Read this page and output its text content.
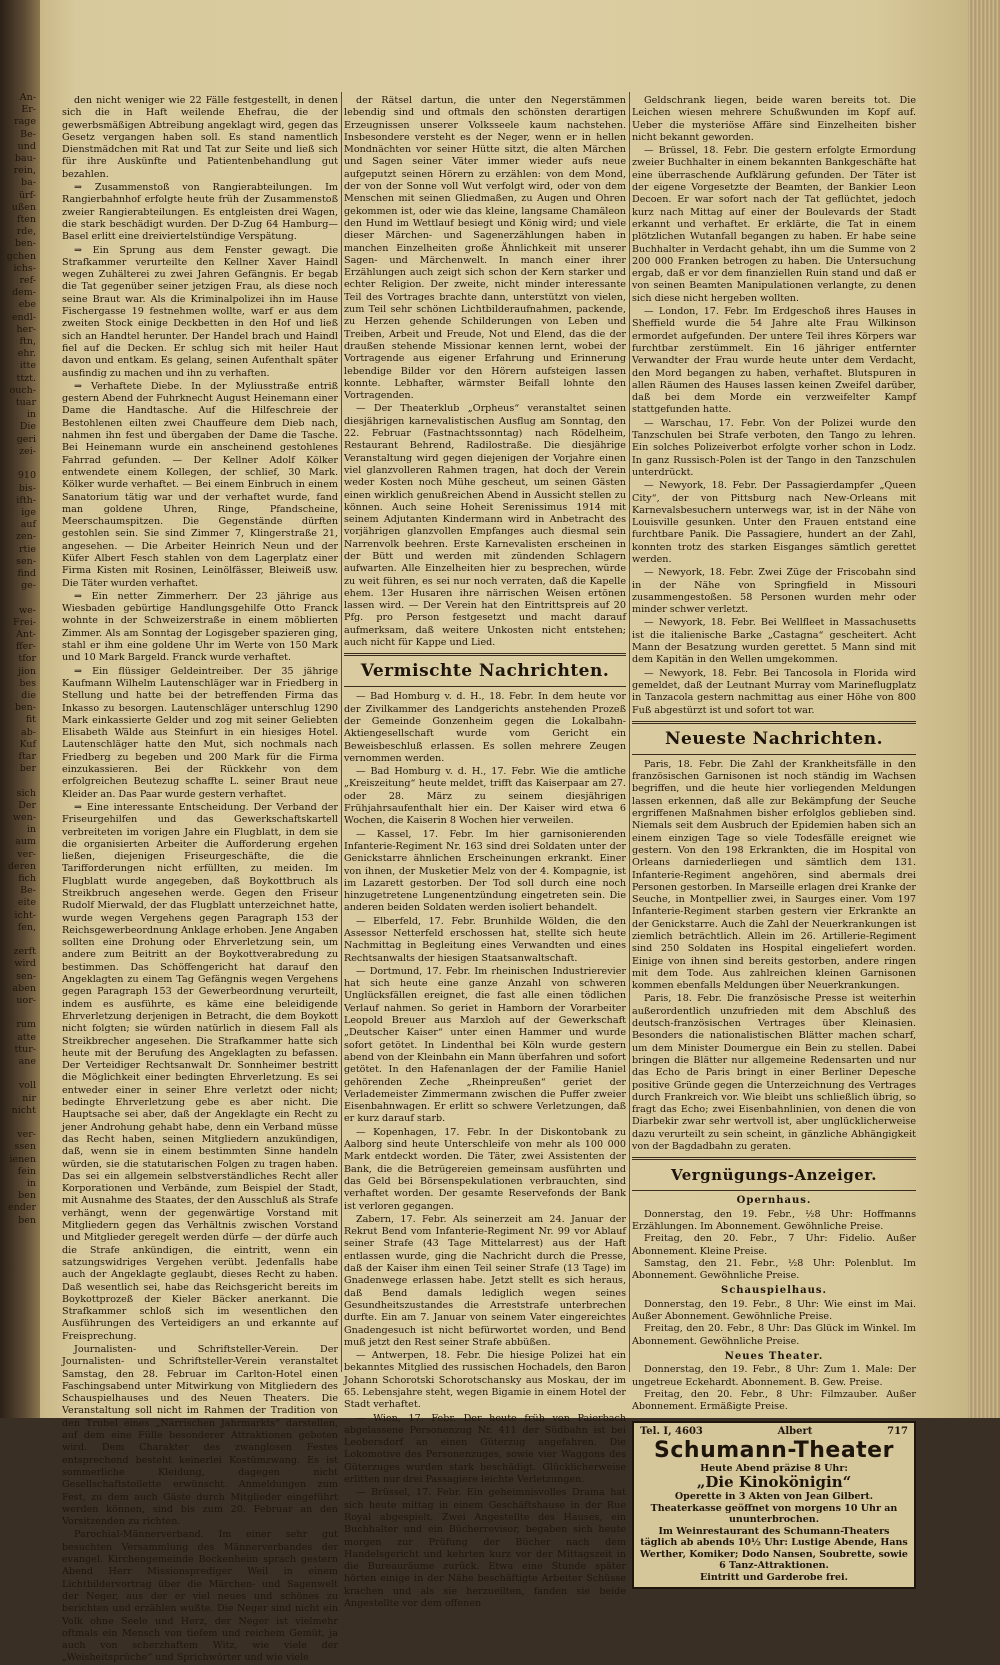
An-
Er-
rage
Be-
und
bau-
rein,
ba-
ürf-
ußen
ften
rde,
ben-
gchen
ichs-
ref-
dem-
ebe
endl-
her-
ftn,
ehr.
itte
ttzt.
ouch-
tuar
in
Die
geri
zei-

910
bis-
ifth-
ige
auf
zen-
rtie
sen-
find
ge-

we-
Frei-
Ant-
ffer-
tfor
jion
bes
die
ben-
fit
ab-
Kuf
ftar
ber

sich
Der
wen-
in
aum
ver-
deren
fich
Be-
eite
icht-
fen,

zerft
wird
sen-
aben
uor-

rum
atte
ttur-
ane

voll
nir
nicht

ver-
ssen
ienen
fein
in
ben
ender
ben

den nicht weniger wie 22 Fälle festgestellt, in denen sich die in Haft weilende Ehefrau, die der gewerbsmäßigen Abtreibung angeklagt wird, gegen das Gesetz vergangen haben soll. Es stand namentlich Dienstmädchen mit Rat und Tat zur Seite und ließ sich für ihre Auskünfte und Patientenbehandlung gut bezahlen.

⇒ Zusammenstoß von Rangierabteilungen. Im Rangierbahnhof erfolgte heute früh der Zusammenstoß zweier Rangierabteilungen. Es entgleisten drei Wagen, die stark beschädigt wurden. Der D-Zug 64 Hamburg—Basel erlitt eine dreiviertelstündige Verspätung.

⇒ Ein Sprung aus dem Fenster gewagt. Die Strafkammer verurteilte den Kellner Xaver Haindl wegen Zuhälterei zu zwei Jahren Gefängnis. Er begab die Tat gegenüber seiner jetzigen Frau, als diese noch seine Braut war. Als die Kriminalpolizei ihn im Hause Fischergasse 19 festnehmen wollte, warf er aus dem zweiten Stock einige Deckbetten in den Hof und ließ sich an Handtel herunter. Der Handel brach und Haindl fiel auf die Decken. Er schlug sich mit heiler Haut davon und entkam. Es gelang, seinen Aufenthalt später ausfindig zu machen und ihn zu verhaften.

⇒ Verhaftete Diebe. In der Myliusstraße entriß gestern Abend der Fuhrknecht August Heinemann einer Dame die Handtasche. Auf die Hilfeschreie der Bestohlenen eilten zwei Chauffeure dem Dieb nach, nahmen ihn fest und übergaben der Dame die Tasche. Bei Heinemann wurde ein anscheinend gestohlenes Fahrrad gefunden. — Der Kellner Adolf Kölker entwendete einem Kollegen, der schlief, 30 Mark. Kölker wurde verhaftet. — Bei einem Einbruch in einem Sanatorium tätig war und der verhaftet wurde, fand man goldene Uhren, Ringe, Pfandscheine, Meerschaumspitzen. Die Gegenstände dürften gestohlen sein. Sie sind Zimmer 7, Klingerstraße 21, angesehen. — Die Arbeiter Heinrich Neun und der Küfer Albert Fesch stahlen von dem Lagerplatz einer Firma Kisten mit Rosinen, Leinölfässer, Bleiweiß usw. Die Täter wurden verhaftet.

⇒ Ein netter Zimmerherr. Der 23 jährige aus Wiesbaden gebürtige Handlungsgehilfe Otto Franck wohnte in der Schweizerstraße in einem möblierten Zimmer. Als am Sonntag der Logisgeber spazieren ging, stahl er ihm eine goldene Uhr im Werte von 150 Mark und 10 Mark Bargeld. Franck wurde verhaftet.

⇒ Ein flüssiger Geldeintreiber. Der 35 jährige Kaufmann Wilhelm Lautenschläger war in Friedberg in Stellung und hatte bei der betreffenden Firma das Inkasso zu besorgen. Lautenschläger unterschlug 1290 Mark einkassierte Gelder und zog mit seiner Geliebten Elisabeth Wälde aus Steinfurt in ein hiesiges Hotel. Lautenschläger hatte den Mut, sich nochmals nach Friedberg zu begeben und 200 Mark für die Firma einzukassieren. Bei der Rückkehr von dem erfolgreichen Beutezug schaffte L. seiner Braut neue Kleider an. Das Paar wurde gestern verhaftet.

⇒ Eine interessante Entscheidung. Der Verband der Friseurgehilfen und das Gewerkschaftskartell verbreiteten im vorigen Jahre ein Flugblatt, in dem sie die organisierten Arbeiter die Aufforderung ergehen ließen, diejenigen Friseurgeschäfte, die die Tarifforderungen nicht erfüllten, zu meiden. Im Flugblatt wurde angegeben, daß Boykottbruch als Streikbruch angesehen werde. Gegen den Friseur Rudolf Mierwald, der das Flugblatt unterzeichnet hatte, wurde wegen Vergehens gegen Paragraph 153 der Reichsgewerbeordnung Anklage erhoben. Jene Angaben sollten eine Drohung oder Ehrverletzung sein, um andere zum Beitritt an der Boykottverabredung zu bestimmen. Das Schöffengericht hat darauf den Angeklagten zu einem Tag Gefängnis wegen Vergehens gegen Paragraph 153 der Gewerbeordnung verurteilt, indem es ausführte, es käme eine beleidigende Ehrverletzung derjenigen in Betracht, die dem Boykott nicht folgten; sie würden natürlich in diesem Fall als Streikbrecher angesehen. Die Strafkammer hatte sich heute mit der Berufung des Angeklagten zu befassen. Der Verteidiger Rechtsanwalt Dr. Sonnheimer bestritt die Möglichkeit einer bedingten Ehrverletzung. Es sei entweder einer in seiner Ehre verletzt oder nicht; bedingte Ehrverletzung gebe es aber nicht. Die Hauptsache sei aber, daß der Angeklagte ein Recht zu jener Androhung gehabt habe, denn ein Verband müsse das Recht haben, seinen Mitgliedern anzukündigen, daß, wenn sie in einem bestimmten Sinne handeln würden, sie die statutarischen Folgen zu tragen haben. Das sei ein allgemein selbstverständliches Recht aller Korporationen und Verbände, zum Beispiel der Stadt, mit Ausnahme des Staates, der den Ausschluß als Strafe verhängt, wenn der gegenwärtige Vorstand mit Mitgliedern gegen das Verhältnis zwischen Vorstand und Mitglieder geregelt werden dürfe — der dürfe auch die Strafe ankündigen, die eintritt, wenn ein satzungswidriges Vergehen verübt. Jedenfalls habe auch der Angeklagte geglaubt, dieses Recht zu haben. Daß wesentlich sei, habe das Reichsgericht bereits im Boykottprozeß der Kieler Bäcker anerkannt. Die Strafkammer schloß sich im wesentlichen den Ausführungen des Verteidigers an und erkannte auf Freisprechung.

Journalisten- und Schriftsteller-Verein. Der Journalisten- und Schriftsteller-Verein veranstaltet Samstag, den 28. Februar im Carlton-Hotel einen Faschingsabend unter Mitwirkung von Mitgliedern des Schauspielhauses und des Neuen Theaters. Die Veranstaltung soll nicht im Rahmen der Tradition von den Trubel eines „Närrischen Jahrmarkts“ darstellen, auf dem eine Fülle besonderer Attraktionen geboten wird. Dem Charakter des zwanglosen Festes entsprechend besteht keinerlei Kostümzwang. Es ist sommerliche Kleidung, dagegen nicht Gesellschaftstoilette erwünscht. Anmeldungen zum Fest, zu dem auch Gäste durch Mitglieder eingeführt werden können, sind bis zum 20. Februar an den Vorsitzenden zu richten.

Parochial-Männerverband. Im einer sehr gut besuchten Versammlung des Männerverbandes der evangel. Kirchengemeinde Bockenheim sprach gestern Abend Herr Missionsprediger Weil in einem Lichtbildervortrag über die Märchen- und Sagenwelt der Neger, aus der er viel neues und schönes zu berichten und erzählen wußte. Die Neger sind nicht ein Volk ohne Seele und Herz, der Neger ist vielmehr oftmals ein Mensch von tiefem und reichem Gemüt, ja auch von scherzhaftem Witz, wie viele der „Weisheitsprüche“ und Sprichwörter und wie viele

der Rätsel dartun, die unter den Negerstämmen lebendig sind und oftmals den schönsten derartigen Erzeugnissen unserer Volksseele kaum nachstehen. Insbesondere versteht es der Neger, wenn er in hellen Mondnächten vor seiner Hütte sitzt, die alten Märchen und Sagen seiner Väter immer wieder aufs neue aufgeputzt seinen Hörern zu erzählen: von dem Mond, der von der Sonne voll Wut verfolgt wird, oder von dem Menschen mit seinen Gliedmaßen, zu Augen und Ohren gekommen ist, oder wie das kleine, langsame Chamäleon den Hund im Wettlauf besiegt und König wird; und viele dieser Märchen- und Sagenerzählungen haben in manchen Einzelheiten große Ähnlichkeit mit unserer Sagen- und Märchenwelt. In manch einer ihrer Erzählungen auch zeigt sich schon der Kern starker und echter Religion. Der zweite, nicht minder interessante Teil des Vortrages brachte dann, unterstützt von vielen, zum Teil sehr schönen Lichtbilderaufnahmen, packende, zu Herzen gehende Schilderungen von Leben und Treiben, Arbeit und Freude, Not und Elend, das die der draußen stehende Missionar kennen lernt, wobei der Vortragende aus eigener Erfahrung und Erinnerung lebendige Bilder vor den Hörern aufsteigen lassen konnte. Lebhafter, wärmster Beifall lohnte den Vortragenden.

— Der Theaterklub „Orpheus“ veranstaltet seinen diesjährigen karnevalistischen Ausflug am Sonntag, den 22. Februar (Fastnachtssonntag) nach Rödelheim, Restaurant Behrend, Radilostraße. Die diesjährige Veranstaltung wird gegen diejenigen der Vorjahre einen viel glanzvolleren Rahmen tragen, hat doch der Verein weder Kosten noch Mühe gescheut, um seinen Gästen einen wirklich genußreichen Abend in Aussicht stellen zu können. Auch seine Hoheit Serenissimus 1914 mit seinem Adjutanten Kindermann wird in Anbetracht des vorjährigen glanzvollen Empfanges auch diesmal sein Narrenvolk beehren. Erste Karnevalisten erscheinen in der Bütt und werden mit zündenden Schlagern aufwarten. Alle Einzelheiten hier zu besprechen, würde zu weit führen, es sei nur noch verraten, daß die Kapelle ehem. 13er Husaren ihre närrischen Weisen ertönen lassen wird. — Der Verein hat den Eintrittspreis auf 20 Pfg. pro Person festgesetzt und macht darauf aufmerksam, daß weitere Unkosten nicht entstehen; auch nicht für Kappe und Lied.

Vermischte Nachrichten.

— Bad Homburg v. d. H., 18. Febr. In dem heute vor der Zivilkammer des Landgerichts anstehenden Prozeß der Gemeinde Gonzenheim gegen die Lokalbahn-Aktiengesellschaft wurde vom Gericht ein Beweisbeschluß erlassen. Es sollen mehrere Zeugen vernommen werden.

— Bad Homburg v. d. H., 17. Febr. Wie die amtliche „Kreiszeitung“ heute meldet, trifft das Kaiserpaar am 27. oder 28. März zu seinem diesjährigen Frühjahrsaufenthalt hier ein. Der Kaiser wird etwa 6 Wochen, die Kaiserin 8 Wochen hier verweilen.

— Kassel, 17. Febr. Im hier garnisonierenden Infanterie-Regiment Nr. 163 sind drei Soldaten unter der Genickstarre ähnlichen Erscheinungen erkrankt. Einer von ihnen, der Musketier Melz von der 4. Kompagnie, ist im Lazarett gestorben. Der Tod soll durch eine noch hinzugetretene Lungenentzündung eingetreten sein. Die anderen beiden Soldaten werden isoliert behandelt.

— Elberfeld, 17. Febr. Brunhilde Wölden, die den Assessor Netterfeld erschossen hat, stellte sich heute Nachmittag in Begleitung eines Verwandten und eines Rechtsanwalts der hiesigen Staatsanwaltschaft.

— Dortmund, 17. Febr. Im rheinischen Industrierevier hat sich heute eine ganze Anzahl von schweren Unglücksfällen ereignet, die fast alle einen tödlichen Verlauf nahmen. So geriet in Hamborn der Vorarbeiter Leopold Breuer aus Marxloh auf der Gewerkschaft „Deutscher Kaiser“ unter einen Hammer und wurde sofort getötet. In Lindenthal bei Köln wurde gestern abend von der Kleinbahn ein Mann überfahren und sofort getötet. In den Hafenanlagen der der Familie Haniel gehörenden Zeche „Rheinpreußen“ geriet der Verlademeister Zimmermann zwischen die Puffer zweier Eisenbahnwagen. Er erlitt so schwere Verletzungen, daß er kurz darauf starb.

— Kopenhagen, 17. Febr. In der Diskontobank zu Aalborg sind heute Unterschleife von mehr als 100 000 Mark entdeckt worden. Die Täter, zwei Assistenten der Bank, die die Betrügereien gemeinsam ausführten und das Geld bei Börsenspekulationen verbrauchten, sind verhaftet worden. Der gesamte Reservefonds der Bank ist verloren gegangen.

Zabern, 17. Febr. Als seinerzeit am 24. Januar der Rekrut Bend vom Infanterie-Regiment Nr. 99 vor Ablauf seiner Strafe (43 Tage Mittelarrest) aus der Haft entlassen wurde, ging die Nachricht durch die Presse, daß der Kaiser ihm einen Teil seiner Strafe (13 Tage) im Gnadenwege erlassen habe. Jetzt stellt es sich heraus, daß Bend damals lediglich wegen seines Gesundheitszustandes die Arreststrafe unterbrechen durfte. Ein am 7. Januar von seinem Vater eingereichtes Gnadengesuch ist nicht befürwortet worden, und Bend muß jetzt den Rest seiner Strafe abbüßen.

— Antwerpen, 18. Febr. Die hiesige Polizei hat ein bekanntes Mitglied des russischen Hochadels, den Baron Johann Schorotski Schorotschansky aus Moskau, der im 65. Lebensjahre steht, wegen Bigamie in einem Hotel der Stadt verhaftet.

— Wien, 17. Febr. Der heute früh von Paierbach abgelassene Personenzug Nr. 411 der Südbahn ist bei Leobersdorf an einen Güterzug angefahren. Die Lokomotive des Personenzuges, sowie vier Waggons des Güterzuges wurden stark beschädigt. Glücklicherweise erlitten nur drei Passagiere leichte Verletzungen.

— Brüssel, 17. Febr. Ein geheimnisvolles Drama hat sich heute mittag in einem Geschäftshause in der Rue Royal abgespielt. Zwei Angestellte des Hauses, ein Buchhalter und ein Bücherrevisor, begaben sich heute morgen zur Prüfung der Bücher nach dem Handelsgericht und kehrten kurz vor der Mittagszeit in die Bureauräume zurück. Etwa eine Stunde später hörten einige in der Nähe beschäftigte Arbeiter Schüsse krachen und als sie herzueilten, fanden sie beide Angestellte vor dem offenen

Geldschrank liegen, beide waren bereits tot. Die Leichen wiesen mehrere Schußwunden im Kopf auf. Ueber die mysteriöse Affäre sind Einzelheiten bisher nicht bekannt geworden.

— Brüssel, 18. Febr. Die gestern erfolgte Ermordung zweier Buchhalter in einem bekannten Bankgeschäfte hat eine überraschende Aufklärung gefunden. Der Täter ist der eigene Vorgesetzte der Beamten, der Bankier Leon Decoen. Er war sofort nach der Tat geflüchtet, jedoch kurz nach Mittag auf einer der Boulevards der Stadt erkannt und verhaftet. Er erklärte, die Tat in einem plötzlichen Wutanfall begangen zu haben. Er habe seine Buchhalter in Verdacht gehabt, ihn um die Summe von 2 200 000 Franken betrogen zu haben. Die Untersuchung ergab, daß er vor dem finanziellen Ruin stand und daß er von seinen Beamten Manipulationen verlangte, zu denen sich diese nicht hergeben wollten.

— London, 17. Febr. Im Erdgeschoß ihres Hauses in Sheffield wurde die 54 Jahre alte Frau Wilkinson ermordet aufgefunden. Der untere Teil ihres Körpers war furchtbar zerstümmelt. Ein 16 jähriger entfernter Verwandter der Frau wurde heute unter dem Verdacht, den Mord begangen zu haben, verhaftet. Blutspuren in allen Räumen des Hauses lassen keinen Zweifel darüber, daß bei dem Morde ein verzweifelter Kampf stattgefunden hatte.

— Warschau, 17. Febr. Von der Polizei wurde den Tanzschulen bei Strafe verboten, den Tango zu lehren. Ein solches Polizeiverbot erfolgte vorher schon in Lodz. In ganz Russisch-Polen ist der Tango in den Tanzschulen unterdrückt.

— Newyork, 18. Febr. Der Passagierdampfer „Queen City“, der von Pittsburg nach New-Orleans mit Karnevalsbesuchern unterwegs war, ist in der Nähe von Louisville gesunken. Unter den Frauen entstand eine furchtbare Panik. Die Passagiere, hundert an der Zahl, konnten trotz des starken Eisganges sämtlich gerettet werden.

— Newyork, 18. Febr. Zwei Züge der Friscobahn sind in der Nähe von Springfield in Missouri zusammengestoßen. 58 Personen wurden mehr oder minder schwer verletzt.

— Newyork, 18. Febr. Bei Wellfleet in Massachusetts ist die italienische Barke „Castagna“ gescheitert. Acht Mann der Besatzung wurden gerettet. 5 Mann sind mit dem Kapitän in den Wellen umgekommen.

— Newyork, 18. Febr. Bei Tancosola in Florida wird gemeldet, daß der Leutnant Murray vom Marineflugplatz in Tanzacola gestern nachmittag aus einer Höhe von 800 Fuß abgestürzt ist und sofort tot war.

Neueste Nachrichten.

Paris, 18. Febr. Die Zahl der Krankheitsfälle in den französischen Garnisonen ist noch ständig im Wachsen begriffen, und die heute hier vorliegenden Meldungen lassen erkennen, daß alle zur Bekämpfung der Seuche ergriffenen Maßnahmen bisher erfolglos geblieben sind. Niemals seit dem Ausbruch der Epidemien haben sich an einem einzigen Tage so viele Todesfälle ereignet wie gestern. Von den 198 Erkrankten, die im Hospital von Orleans darniederliegen und sämtlich dem 131. Infanterie-Regiment angehören, sind abermals drei Personen gestorben. In Marseille erlagen drei Kranke der Seuche, in Montpellier zwei, in Saurges einer. Vom 197 Infanterie-Regiment starben gestern vier Erkrankte an der Genickstarre. Auch die Zahl der Neuerkrankungen ist ziemlich beträchtlich. Allein im 26. Artillerie-Regiment sind 250 Soldaten ins Hospital eingeliefert worden. Einige von ihnen sind bereits gestorben, andere ringen mit dem Tode. Aus zahlreichen kleinen Garnisonen kommen ebenfalls Meldungen über Neuerkrankungen.

Paris, 18. Febr. Die französische Presse ist weiterhin außerordentlich unzufrieden mit dem Abschluß des deutsch-französischen Vertrages über Kleinasien. Besonders die nationalistischen Blätter machen scharf, um dem Minister Doumergue ein Bein zu stellen. Dabei bringen die Blätter nur allgemeine Redensarten und nur das Echo de Paris bringt in einer Berliner Depesche positive Gründe gegen die Unterzeichnung des Vertrages durch Frankreich vor. Wie bleibt uns schließlich übrig, so fragt das Echo; zwei Eisenbahnlinien, von denen die von Diarbekir zwar sehr wertvoll ist, aber unglücklicherweise dazu verurteilt zu sein scheint, in gänzliche Abhängigkeit von der Bagdadbahn zu geraten.

Vergnügungs-Anzeiger.
Opernhaus.

Donnerstag, den 19. Febr., ½8 Uhr: Hoffmanns Erzählungen. Im Abonnement. Gewöhnliche Preise.

Freitag, den 20. Febr., 7 Uhr: Fidelio. Außer Abonnement. Kleine Preise.

Samstag, den 21. Febr., ½8 Uhr: Polenblut. Im Abonnement. Gewöhnliche Preise.

Schauspielhaus.

Donnerstag, den 19. Febr., 8 Uhr: Wie einst im Mai. Außer Abonnement. Gewöhnliche Preise.

Freitag, den 20. Febr., 8 Uhr: Das Glück im Winkel. Im Abonnement. Gewöhnliche Preise.

Neues Theater.

Donnerstag, den 19. Febr., 8 Uhr: Zum 1. Male: Der ungetreue Eckehardt. Abonnement. B. Gew. Preise.

Freitag, den 20. Febr., 8 Uhr: Filmzauber. Außer Abonnement. Ermäßigte Preise.

Tel. I, 4603	Albert	717
Schumann-Theater
Heute Abend präzise 8 Uhr:
„Die Kinokönigin“
Operette in 3 Akten von Jean Gilbert.
Theaterkasse geöffnet von morgens 10 Uhr an ununterbrochen.
Im Weinrestaurant des Schumann-Theaters täglich ab abends 10½ Uhr: Lustige Abende, Hans Werther, Komiker; Dodo Nansen, Soubrette, sowie 6 Tanz-Attraktionen.
Eintritt und Garderobe frei.
